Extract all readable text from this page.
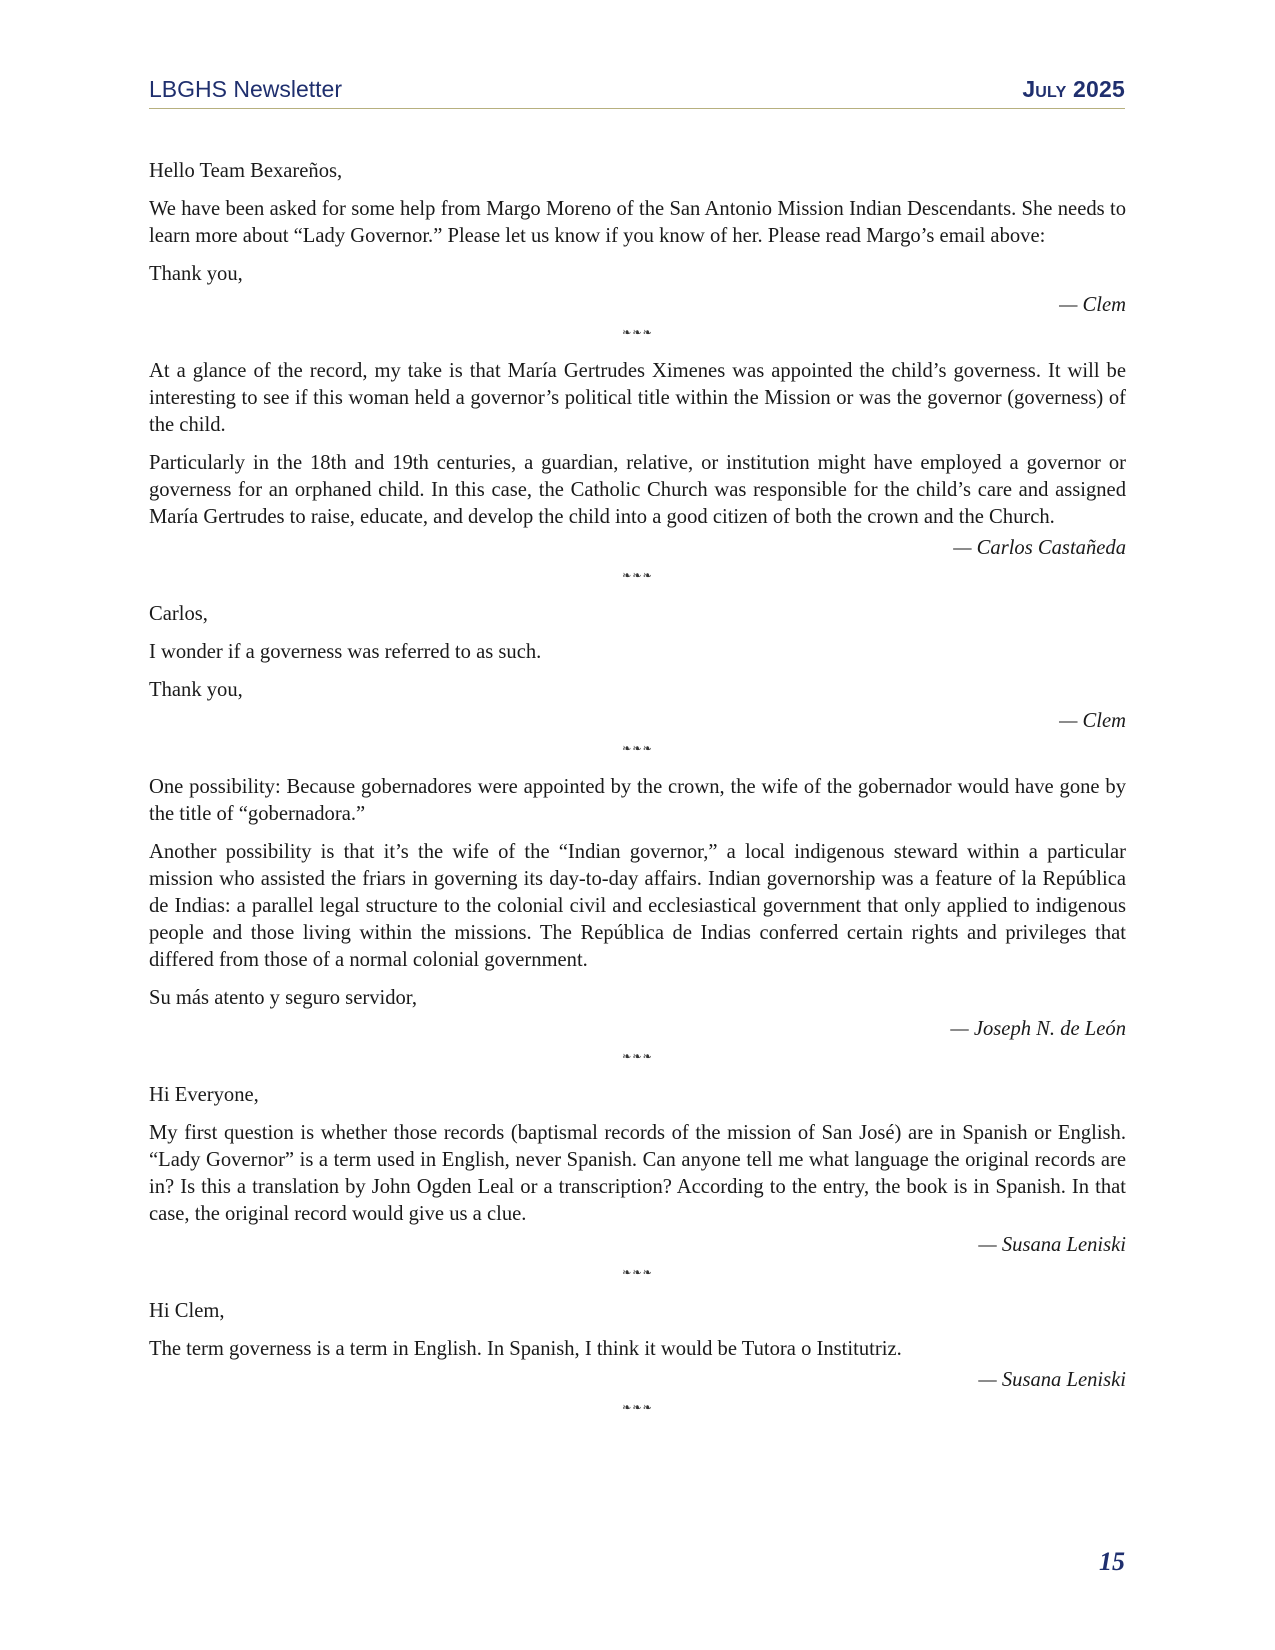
LBGHS Newsletter	July 2025

Hello Team Bexareños,

We have been asked for some help from Margo Moreno of the San Antonio Mission Indian Descendants. She needs to learn more about “Lady Governor.” Please let us know if you know of her. Please read Margo’s email above:

Thank you,

— Clem
❧❧❧

At a glance of the record, my take is that María Gertrudes Ximenes was appointed the child’s governess. It will be interesting to see if this woman held a governor’s political title within the Mission or was the governor (governess) of the child.

Particularly in the 18th and 19th centuries, a guardian, relative, or institution might have employed a governor or governess for an orphaned child. In this case, the Catholic Church was responsible for the child’s care and assigned María Gertrudes to raise, educate, and develop the child into a good citizen of both the crown and the Church.

— Carlos Castañeda
❧❧❧

Carlos,

I wonder if a governess was referred to as such.

Thank you,

— Clem
❧❧❧

One possibility: Because gobernadores were appointed by the crown, the wife of the gobernador would have gone by the title of “gobernadora.”

Another possibility is that it’s the wife of the “Indian governor,” a local indigenous steward within a particular mission who assisted the friars in governing its day-to-day affairs. Indian governorship was a feature of la República de Indias: a parallel legal structure to the colonial civil and ecclesiastical government that only applied to indigenous people and those living within the missions. The República de Indias conferred certain rights and privileges that differed from those of a normal colonial government.

Su más atento y seguro servidor,

— Joseph N. de León
❧❧❧

Hi Everyone,

My first question is whether those records (baptismal records of the mission of San José) are in Spanish or English. “Lady Governor” is a term used in English, never Spanish. Can anyone tell me what language the original records are in? Is this a translation by John Ogden Leal or a transcription? According to the entry, the book is in Spanish. In that case, the original record would give us a clue.

— Susana Leniski
❧❧❧

Hi Clem,

The term governess is a term in English. In Spanish, I think it would be Tutora o Institutriz.

— Susana Leniski
❧❧❧
15
